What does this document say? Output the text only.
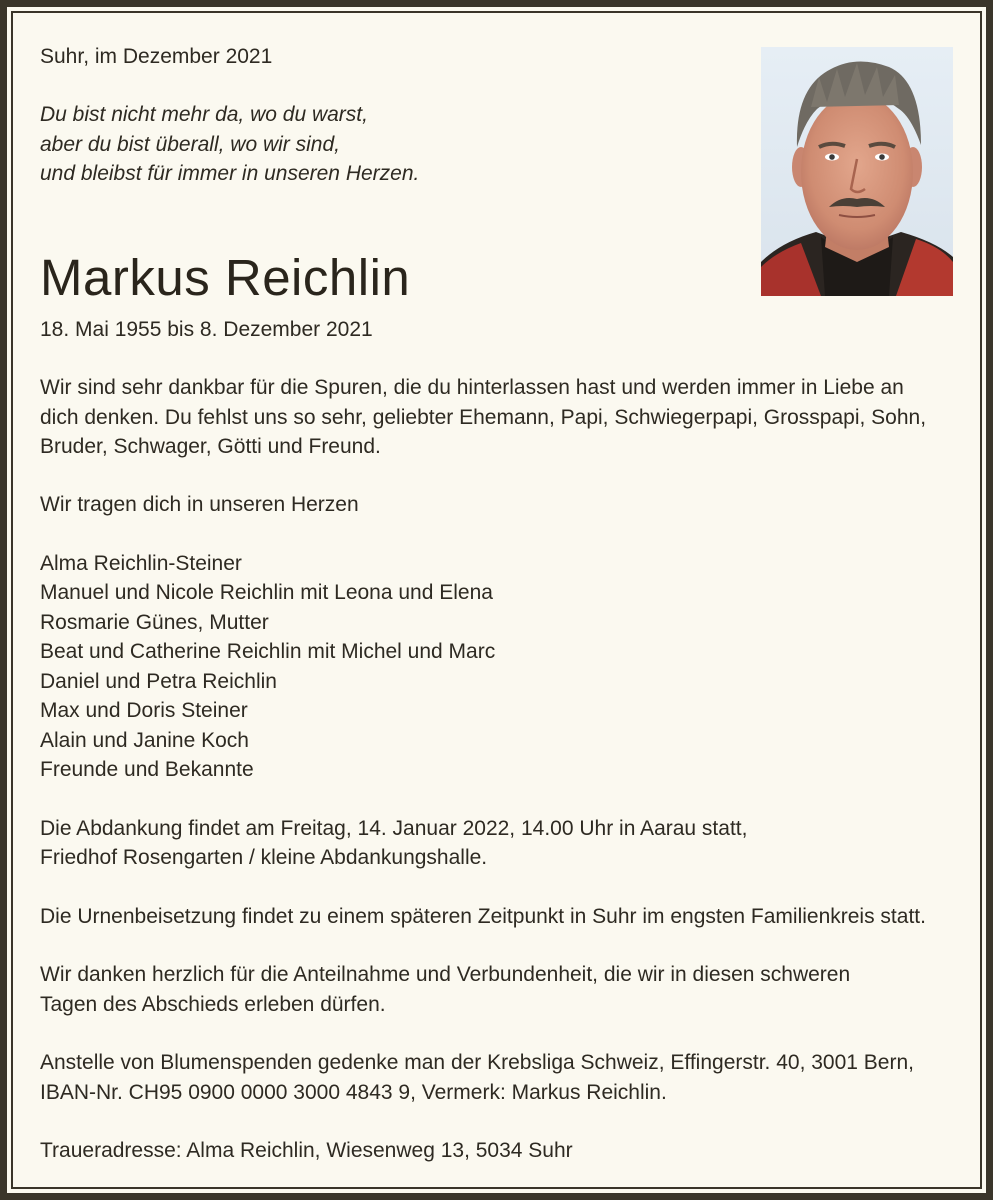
Suhr, im Dezember 2021

Du bist nicht mehr da, wo du warst,

aber du bist überall, wo wir sind,

und bleibst für immer in unseren Herzen.

Markus Reichlin

18. Mai 1955 bis 8. Dezember 2021

Wir sind sehr dankbar für die Spuren, die du hinterlassen hast und werden immer in Liebe an

dich denken. Du fehlst uns so sehr, geliebter Ehemann, Papi, Schwiegerpapi, Grosspapi, Sohn,

Bruder, Schwager, Götti und Freund.

Wir tragen dich in unseren Herzen

Alma Reichlin-Steiner

Manuel und Nicole Reichlin mit Leona und Elena

Rosmarie Günes, Mutter

Beat und Catherine Reichlin mit Michel und Marc

Daniel und Petra Reichlin

Max und Doris Steiner

Alain und Janine Koch

Freunde und Bekannte

Die Abdankung findet am Freitag, 14. Januar 2022, 14.00 Uhr in Aarau statt,

Friedhof Rosengarten / kleine Abdankungshalle.

Die Urnenbeisetzung findet zu einem späteren Zeitpunkt in Suhr im engsten Familienkreis statt.

Wir danken herzlich für die Anteilnahme und Verbundenheit, die wir in diesen schweren

Tagen des Abschieds erleben dürfen.

Anstelle von Blumenspenden gedenke man der Krebsliga Schweiz, Effingerstr. 40, 3001 Bern,

IBAN-Nr. CH95 0900 0000 3000 4843 9, Vermerk: Markus Reichlin.

Traueradresse: Alma Reichlin, Wiesenweg 13, 5034 Suhr
